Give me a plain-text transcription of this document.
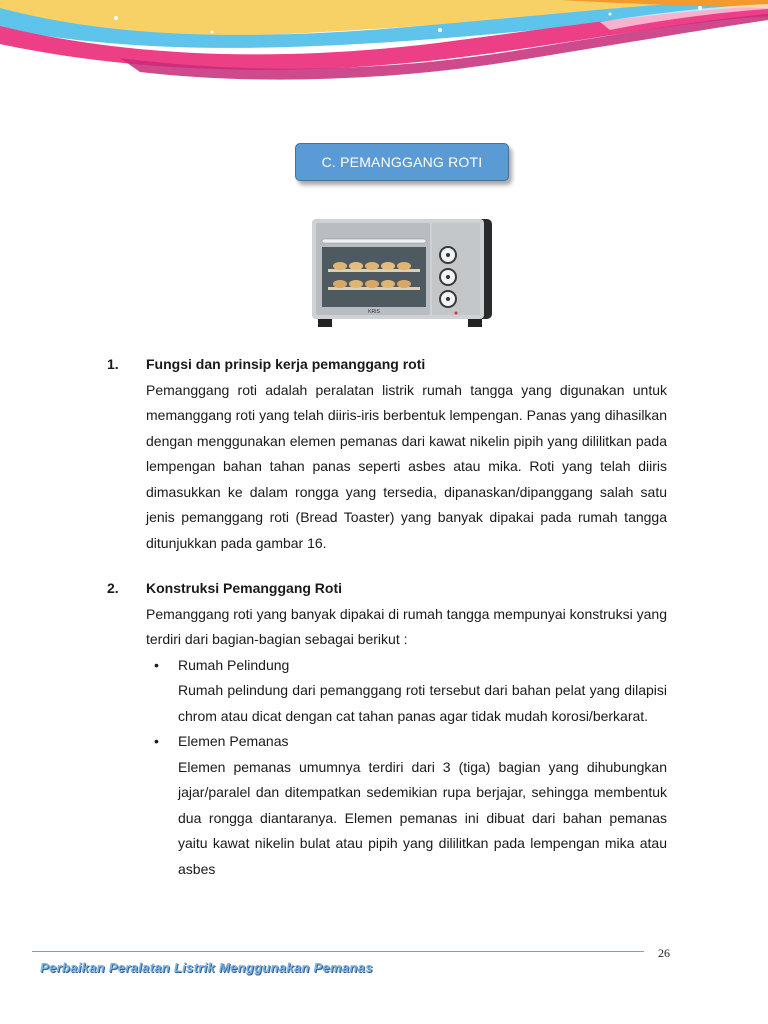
C. PEMANGGANG ROTI
KRIS
1.	Fungsi dan prinsip kerja pemanggang roti
Pemanggang roti adalah peralatan listrik rumah tangga yang digunakan untuk memanggang roti yang telah diiris-iris berbentuk lempengan. Panas yang dihasilkan dengan menggunakan elemen pemanas dari kawat nikelin pipih yang dililitkan pada lempengan bahan tahan panas seperti asbes atau mika. Roti yang telah diiris dimasukkan ke dalam rongga yang tersedia, dipanaskan/dipanggang salah satu jenis pemanggang roti (Bread Toaster) yang banyak dipakai pada rumah tangga ditunjukkan pada gambar 16.
2.	Konstruksi Pemanggang Roti
Pemanggang roti yang banyak dipakai di rumah tangga mempunyai konstruksi yang terdiri dari bagian-bagian sebagai berikut :
• Rumah Pelindung
Rumah pelindung dari pemanggang roti tersebut dari bahan pelat yang dilapisi chrom atau dicat dengan cat tahan panas agar tidak mudah korosi/berkarat.
• Elemen Pemanas
Elemen pemanas umumnya terdiri dari 3 (tiga) bagian yang dihubungkan jajar/paralel dan ditempatkan sedemikian rupa berjajar, sehingga membentuk dua rongga diantaranya. Elemen pemanas ini dibuat dari bahan pemanas yaitu kawat nikelin bulat atau pipih yang dililitkan pada lempengan mika atau asbes
26
Perbaikan Peralatan Listrik Menggunakan Pemanas
